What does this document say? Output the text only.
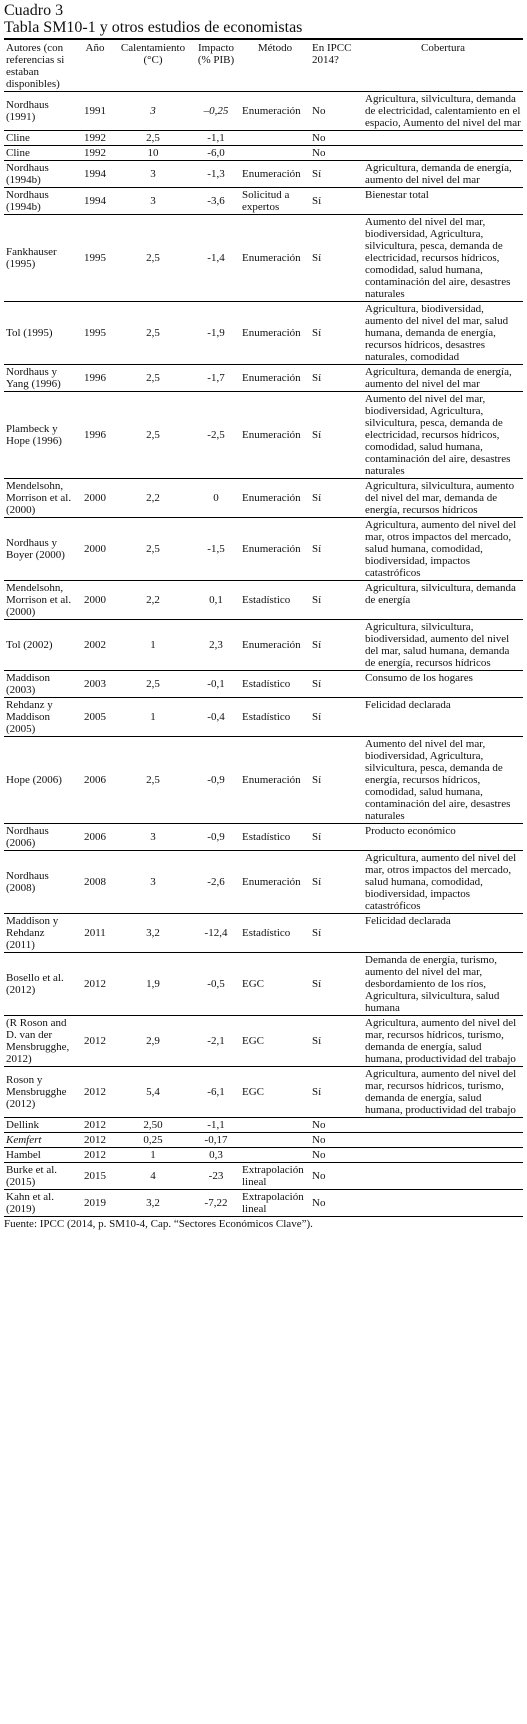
Cuadro 3
Tabla SM10-1 y otros estudios de economistas
Autores (con referencias si estaban disponibles)	Año	Calentamiento (°C)	Impacto (% PIB)	Método	En IPCC 2014?	Cobertura
Nordhaus (1991)	1991	3	–0,25	Enumeración	No	Agricultura, silvicultura, demanda de electricidad, calentamiento en el espacio, Aumento del nivel del mar
Cline	1992	2,5	-1,1		No	
Cline	1992	10	-6,0		No	
Nordhaus (1994b)	1994	3	-1,3	Enumeración	Sí	Agricultura, demanda de energía, aumento del nivel del mar
Nordhaus (1994b)	1994	3	-3,6	Solicitud a expertos	Sí	Bienestar total
Fankhauser (1995)	1995	2,5	-1,4	Enumeración	Sí	Aumento del nivel del mar, biodiversidad, Agricultura, silvicultura, pesca, demanda de electricidad, recursos hídricos, comodidad, salud humana, contaminación del aire, desastres naturales
Tol (1995)	1995	2,5	-1,9	Enumeración	Sí	Agricultura, biodiversidad, aumento del nivel del mar, salud humana, demanda de energía, recursos hídricos, desastres naturales, comodidad
Nordhaus y Yang (1996)	1996	2,5	-1,7	Enumeración	Sí	Agricultura, demanda de energía, aumento del nivel del mar
Plambeck y Hope (1996)	1996	2,5	-2,5	Enumeración	Sí	Aumento del nivel del mar, biodiversidad, Agricultura, silvicultura, pesca, demanda de electricidad, recursos hídricos, comodidad, salud humana, contaminación del aire, desastres naturales
Mendelsohn, Morrison et al. (2000)	2000	2,2	0	Enumeración	Sí	Agricultura, silvicultura, aumento del nivel del mar, demanda de energía, recursos hídricos
Nordhaus y Boyer (2000)	2000	2,5	-1,5	Enumeración	Sí	Agricultura, aumento del nivel del mar, otros impactos del mercado, salud humana, comodidad, biodiversidad, impactos catastróficos
Mendelsohn, Morrison et al. (2000)	2000	2,2	0,1	Estadístico	Sí	Agricultura, silvicultura, demanda de energía
Tol (2002)	2002	1	2,3	Enumeración	Sí	Agricultura, silvicultura, biodiversidad, aumento del nivel del mar, salud humana, demanda de energía, recursos hídricos
Maddison (2003)	2003	2,5	-0,1	Estadístico	Sí	Consumo de los hogares
Rehdanz y Maddison (2005)	2005	1	-0,4	Estadístico	Sí	Felicidad declarada
Hope (2006)	2006	2,5	-0,9	Enumeración	Sí	Aumento del nivel del mar, biodiversidad, Agricultura, silvicultura, pesca, demanda de energía, recursos hídricos, comodidad, salud humana, contaminación del aire, desastres naturales
Nordhaus (2006)	2006	3	-0,9	Estadístico	Sí	Producto económico
Nordhaus (2008)	2008	3	-2,6	Enumeración	Sí	Agricultura, aumento del nivel del mar, otros impactos del mercado, salud humana, comodidad, biodiversidad, impactos catastróficos
Maddison y Rehdanz (2011)	2011	3,2	-12,4	Estadístico	Sí	Felicidad declarada
Bosello et al. (2012)	2012	1,9	-0,5	EGC	Sí	Demanda de energía, turismo, aumento del nivel del mar, desbordamiento de los ríos, Agricultura, silvicultura, salud humana
(R Roson and D. van der Mensbrugghe, 2012)	2012	2,9	-2,1	EGC	Sí	Agricultura, aumento del nivel del mar, recursos hídricos, turismo, demanda de energía, salud humana, productividad del trabajo
Roson y Mensbrugghe (2012)	2012	5,4	-6,1	EGC	Sí	Agricultura, aumento del nivel del mar, recursos hídricos, turismo, demanda de energía, salud humana, productividad del trabajo
Dellink	2012	2,50	-1,1		No	
Kemfert	2012	0,25	-0,17		No	
Hambel	2012	1	0,3		No	
Burke et al. (2015)	2015	4	-23	Extrapolación lineal	No	
Kahn et al. (2019)	2019	3,2	-7,22	Extrapolación lineal	No	
Fuente: IPCC (2014, p. SM10-4, Cap. “Sectores Económicos Clave”).
